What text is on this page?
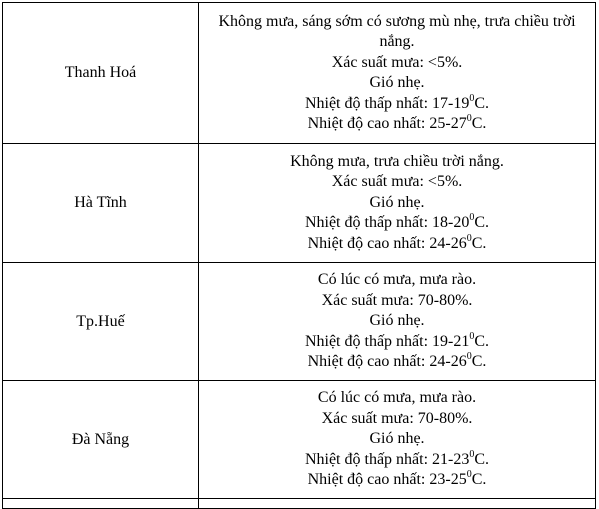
Thanh Hoá	Không mưa, sáng sớm có sương mù nhẹ, trưa chiều trời nắng.
Xác suất mưa: <5%.
Gió nhẹ.
Nhiệt độ thấp nhất: $17-19^0C$.
Nhiệt độ cao nhất: $25-27^0C$.

Hà Tĩnh	Không mưa, trưa chiều trời nắng.
Xác suất mưa: <5%.
Gió nhẹ.
Nhiệt độ thấp nhất: $18-20^0C$.
Nhiệt độ cao nhất: $24-26^0C$.

Tp.Huế	Có lúc có mưa, mưa rào.
Xác suất mưa: 70-80%.
Gió nhẹ.
Nhiệt độ thấp nhất: $19-21^0C$.
Nhiệt độ cao nhất: $24-26^0C$.

Đà Nẵng	Có lúc có mưa, mưa rào.
Xác suất mưa: 70-80%.
Gió nhẹ.
Nhiệt độ thấp nhất: $21-23^0C$.
Nhiệt độ cao nhất: $23-25^0C$.
